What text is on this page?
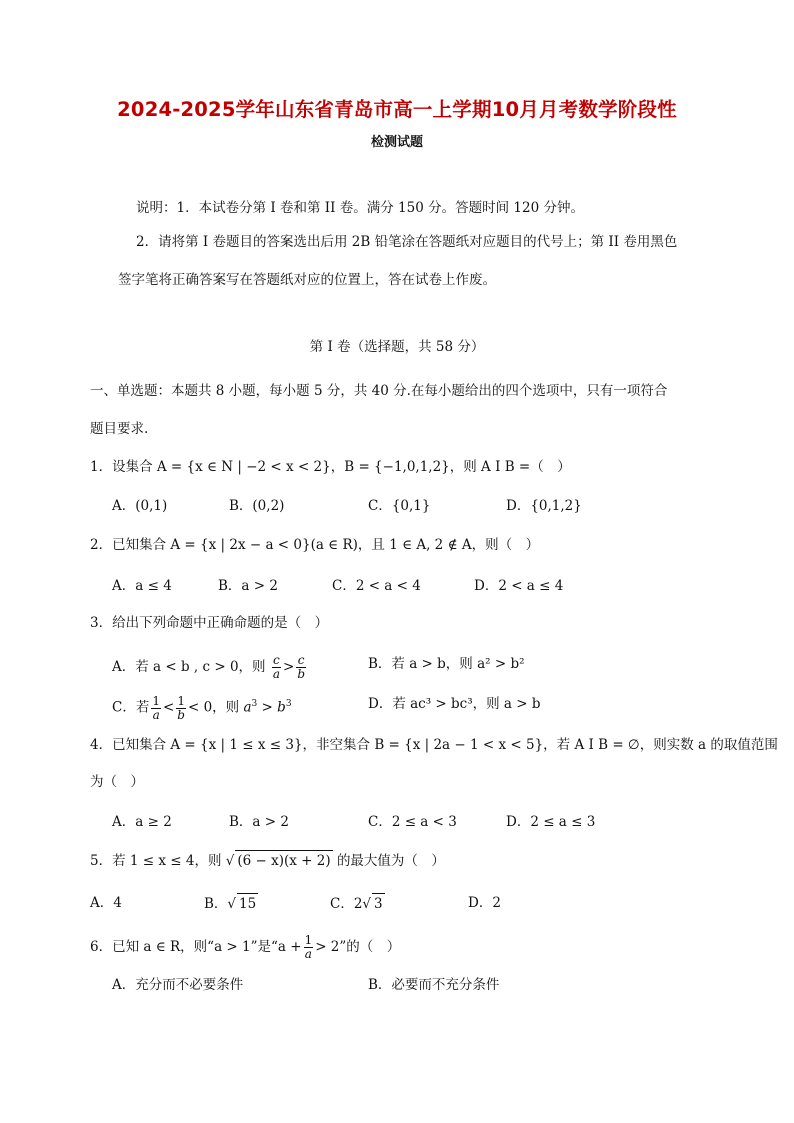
2024-2025学年山东省青岛市高一上学期10月月考数学阶段性
检测试题
说明：1．本试卷分第 I 卷和第 II 卷。满分 150 分。答题时间 120 分钟。
2．请将第 I 卷题目的答案选出后用 2B 铅笔涂在答题纸对应题目的代号上；第 II 卷用黑色
签字笔将正确答案写在答题纸对应的位置上，答在试卷上作废。
第 I 卷（选择题，共 58 分）
一、单选题：本题共 8 小题，每小题 5 分，共 40 分.在每小题给出的四个选项中，只有一项符合
题目要求.
1．设集合 A = {x ∈ N | −2 < x < 2}，B = {−1,0,1,2}，则 A I B =（　）
A．(0,1)	B．(0,2)	C．{0,1}	D．{0,1,2}
2．已知集合 A = {x | 2x − a < 0}(a ∈ R)，且 1 ∈ A, 2 ∉ A，则（　）
A．a ≤ 4	B．a > 2	C．2 < a < 4	D．2 < a ≤ 4
3．给出下列命题中正确命题的是（　）
A．若 a < b , c > 0，则 $\frac{c}{a} > \frac{c}{b}$	B．若 a > b，则 a² > b²
C．若 $\frac{1}{a} < \frac{1}{b} < 0$，则 $a^3 > b^3$	D．若 ac³ > bc³，则 a > b
4．已知集合 A = {x | 1 ≤ x ≤ 3}，非空集合 B = {x | 2a − 1 < x < 5}，若 A I B = ∅，则实数 a 的取值范围
为（　）
A．a ≥ 2	B．a > 2	C．2 ≤ a < 3	D．2 ≤ a ≤ 3
5．若 1 ≤ x ≤ 4，则 √ (6 − x)(x + 2) 的最大值为（　）
A．4	B．√ 15	C．2√ 3	D．2
6．已知 a ∈ R，则“a > 1”是“$a + \frac{1}{a} > 2$”的（　）
A．充分而不必要条件	B．必要而不充分条件
